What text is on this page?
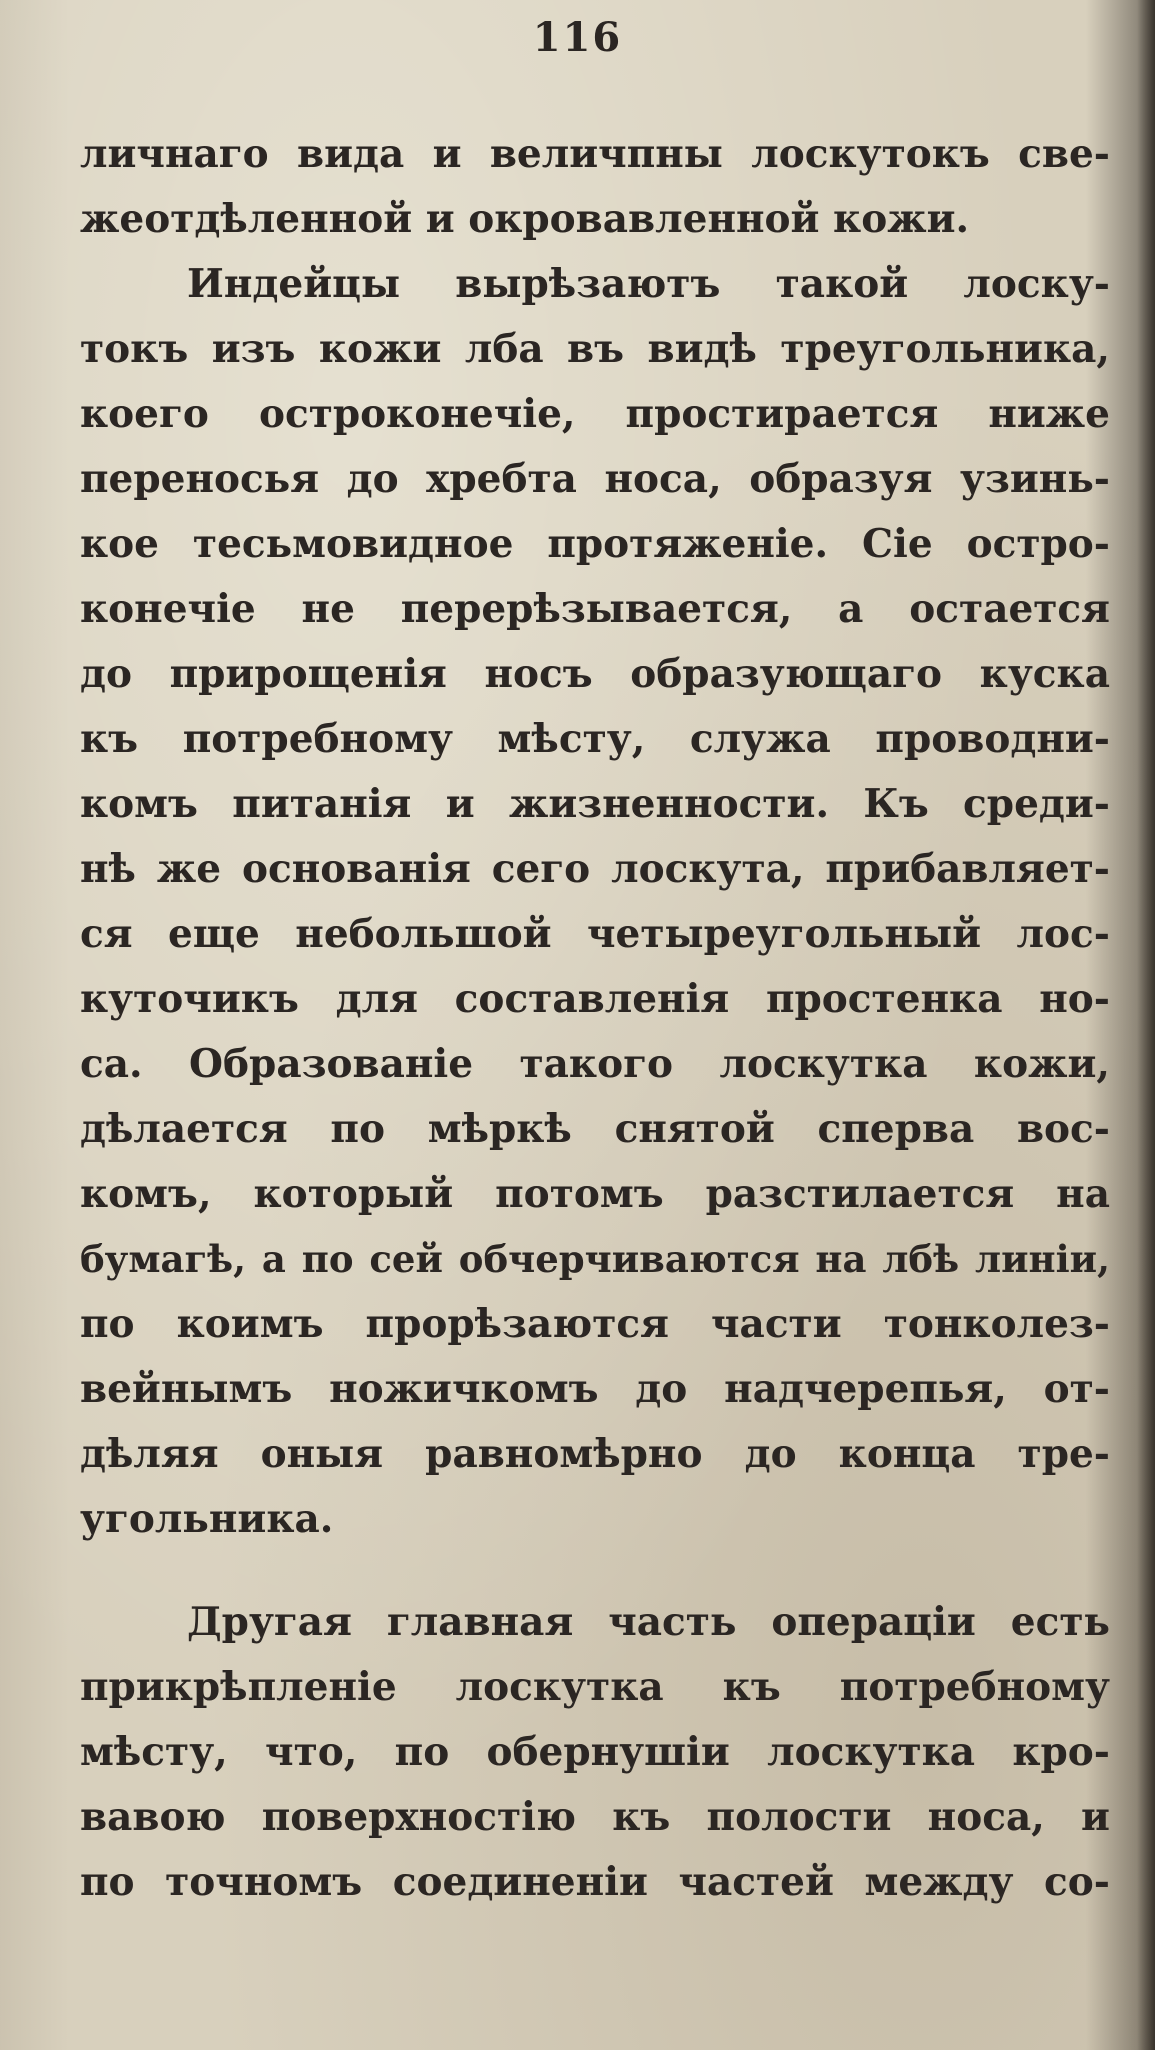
116
личнаго вида и величпны лоскутокъ све-
жеотдѣленной и окровавленной кожи.
Индейцы вырѣзаютъ такой лоску-
токъ изъ кожи лба въ видѣ треугольника,
коего остроконечіе, простирается ниже
переносья до хребта носа, образуя узинь-
кое тесьмовидное протяженіе. Сіе остро-
конечіе не перерѣзывается, а остается
до прирощенія носъ образующаго куска
къ потребному мѣсту, служа проводни-
комъ питанія и жизненности. Къ среди-
нѣ же основанія сего лоскута, прибавляет-
ся еще небольшой четыреугольный лос-
куточикъ для составленія простенка но-
са. Образованіе такого лоскутка кожи,
дѣлается по мѣркѣ снятой сперва вос-
комъ, который потомъ разстилается на
бумагѣ, а по сей обчерчиваются на лбѣ линіи,
по коимъ прорѣзаются части тонколез-
вейнымъ ножичкомъ до надчерепья, от-
дѣляя оныя равномѣрно до конца тре-
угольника.
Другая главная часть операціи есть
прикрѣпленіе лоскутка къ потребному
мѣсту, что, по обернушіи лоскутка кро-
вавою поверхностію къ полости носа, и
по точномъ соединеніи частей между со-
